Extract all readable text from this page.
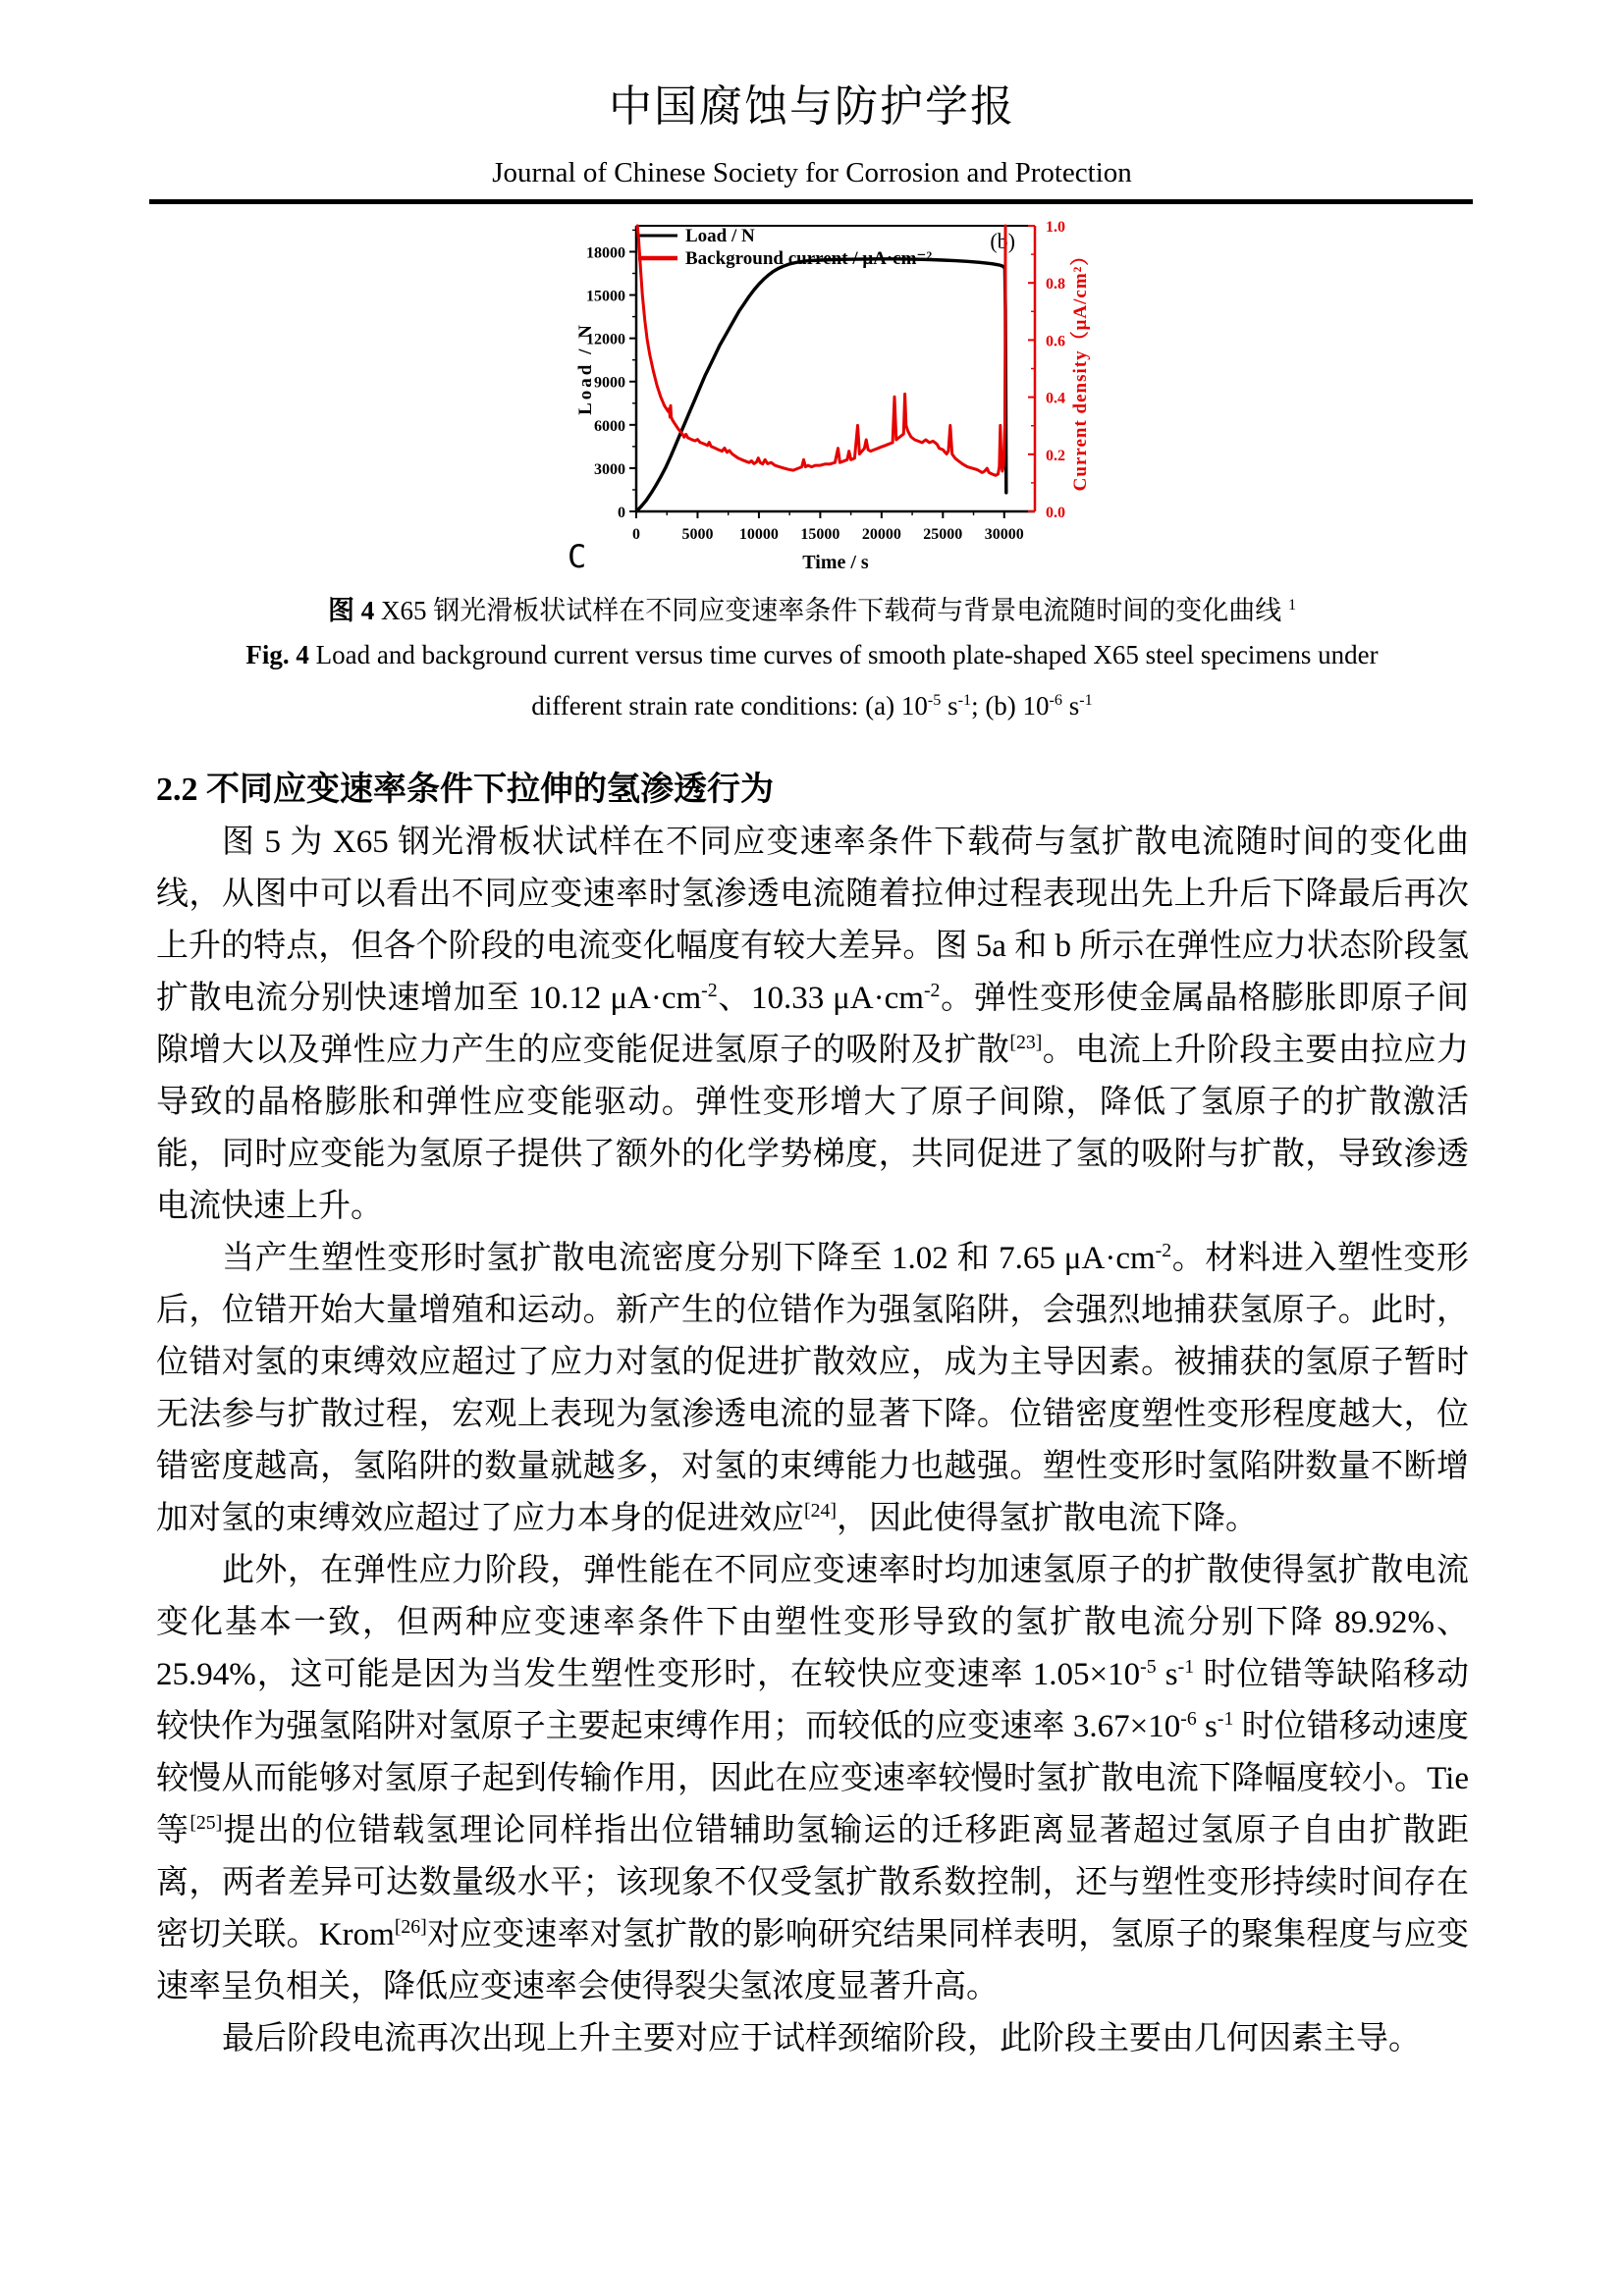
中国腐蚀与防护学报
Journal of Chinese Society for Corrosion and Protection
0	5000 10000 15000 20000 25000 30000
Time / s
0
3000
6000
9000
12000
15000
18000
Load / N
0.0
0.2
0.4
0.6
0.8
1.0
Current density（μA/cm²）
(b)
Load / N
Background current / μA·cm⁻²
C
图 4 X65 钢光滑板状试样在不同应变速率条件下载荷与背景电流随时间的变化曲线 $^1$
Fig. 4 Load and background current versus time curves of smooth plate-shaped X65 steel specimens under
different strain rate conditions: (a) $10^{-5}$ $s^{-1}$; (b) $10^{-6}$ $s^{-1}$
2.2 不同应变速率条件下拉伸的氢渗透行为

图 5 为 X65 钢光滑板状试样在不同应变速率条件下载荷与氢扩散电流随时间的变化曲线，从图中可以看出不同应变速率时氢渗透电流随着拉伸过程表现出先上升后下降最后再次上升的特点，但各个阶段的电流变化幅度有较大差异。图 5a 和 b 所示在弹性应力状态阶段氢扩散电流分别快速增加至 10.12 $\mu A\cdot cm^{-2}$、10.33 $\mu A\cdot cm^{-2}$。弹性变形使金属晶格膨胀即原子间隙增大以及弹性应力产生的应变能促进氢原子的吸附及扩散[23]。电流上升阶段主要由拉应力导致的晶格膨胀和弹性应变能驱动。弹性变形增大了原子间隙，降低了氢原子的扩散激活能，同时应变能为氢原子提供了额外的化学势梯度，共同促进了氢的吸附与扩散，导致渗透电流快速上升。

当产生塑性变形时氢扩散电流密度分别下降至 1.02 和 7.65 $\mu A\cdot cm^{-2}$。材料进入塑性变形后，位错开始大量增殖和运动。新产生的位错作为强氢陷阱，会强烈地捕获氢原子。此时，位错对氢的束缚效应超过了应力对氢的促进扩散效应，成为主导因素。被捕获的氢原子暂时无法参与扩散过程，宏观上表现为氢渗透电流的显著下降。位错密度塑性变形程度越大，位错密度越高，氢陷阱的数量就越多，对氢的束缚能力也越强。塑性变形时氢陷阱数量不断增加对氢的束缚效应超过了应力本身的促进效应[24]，因此使得氢扩散电流下降。

此外，在弹性应力阶段，弹性能在不同应变速率时均加速氢原子的扩散使得氢扩散电流变化基本一致，但两种应变速率条件下由塑性变形导致的氢扩散电流分别下降 89.92%、25.94%，这可能是因为当发生塑性变形时，在较快应变速率 $1.05\times 10^{-5}$ $s^{-1}$ 时位错等缺陷移动较快作为强氢陷阱对氢原子主要起束缚作用；而较低的应变速率 $3.67\times 10^{-6}$ $s^{-1}$ 时位错移动速度较慢从而能够对氢原子起到传输作用，因此在应变速率较慢时氢扩散电流下降幅度较小。Tie 等[25]提出的位错载氢理论同样指出位错辅助氢输运的迁移距离显著超过氢原子自由扩散距离，两者差异可达数量级水平；该现象不仅受氢扩散系数控制，还与塑性变形持续时间存在密切关联。Krom[26]对应变速率对氢扩散的影响研究结果同样表明，氢原子的聚集程度与应变速率呈负相关，降低应变速率会使得裂尖氢浓度显著升高。

最后阶段电流再次出现上升主要对应于试样颈缩阶段，此阶段主要由几何因素主导。
